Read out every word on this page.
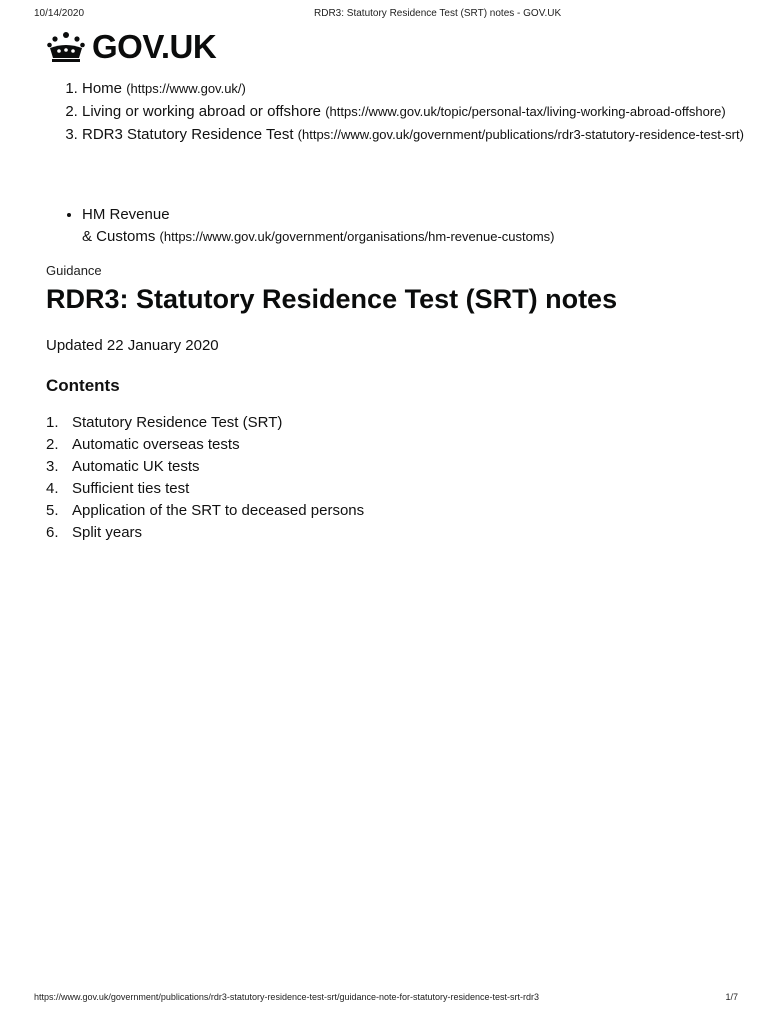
10/14/2020	RDR3: Statutory Residence Test (SRT) notes - GOV.UK
GOV.UK
1. Home (https://www.gov.uk/)
2. Living or working abroad or offshore (https://www.gov.uk/topic/personal-tax/living-working-abroad-offshore)
3. RDR3 Statutory Residence Test (https://www.gov.uk/government/publications/rdr3-statutory-residence-test-srt)
• HM Revenue
& Customs (https://www.gov.uk/government/organisations/hm-revenue-customs)
Guidance
RDR3: Statutory Residence Test (SRT) notes
Updated 22 January 2020
Contents
1. Statutory Residence Test (SRT)
2. Automatic overseas tests
3. Automatic UK tests
4. Sufficient ties test
5. Application of the SRT to deceased persons
6. Split years
https://www.gov.uk/government/publications/rdr3-statutory-residence-test-srt/guidance-note-for-statutory-residence-test-srt-rdr3	1/7
